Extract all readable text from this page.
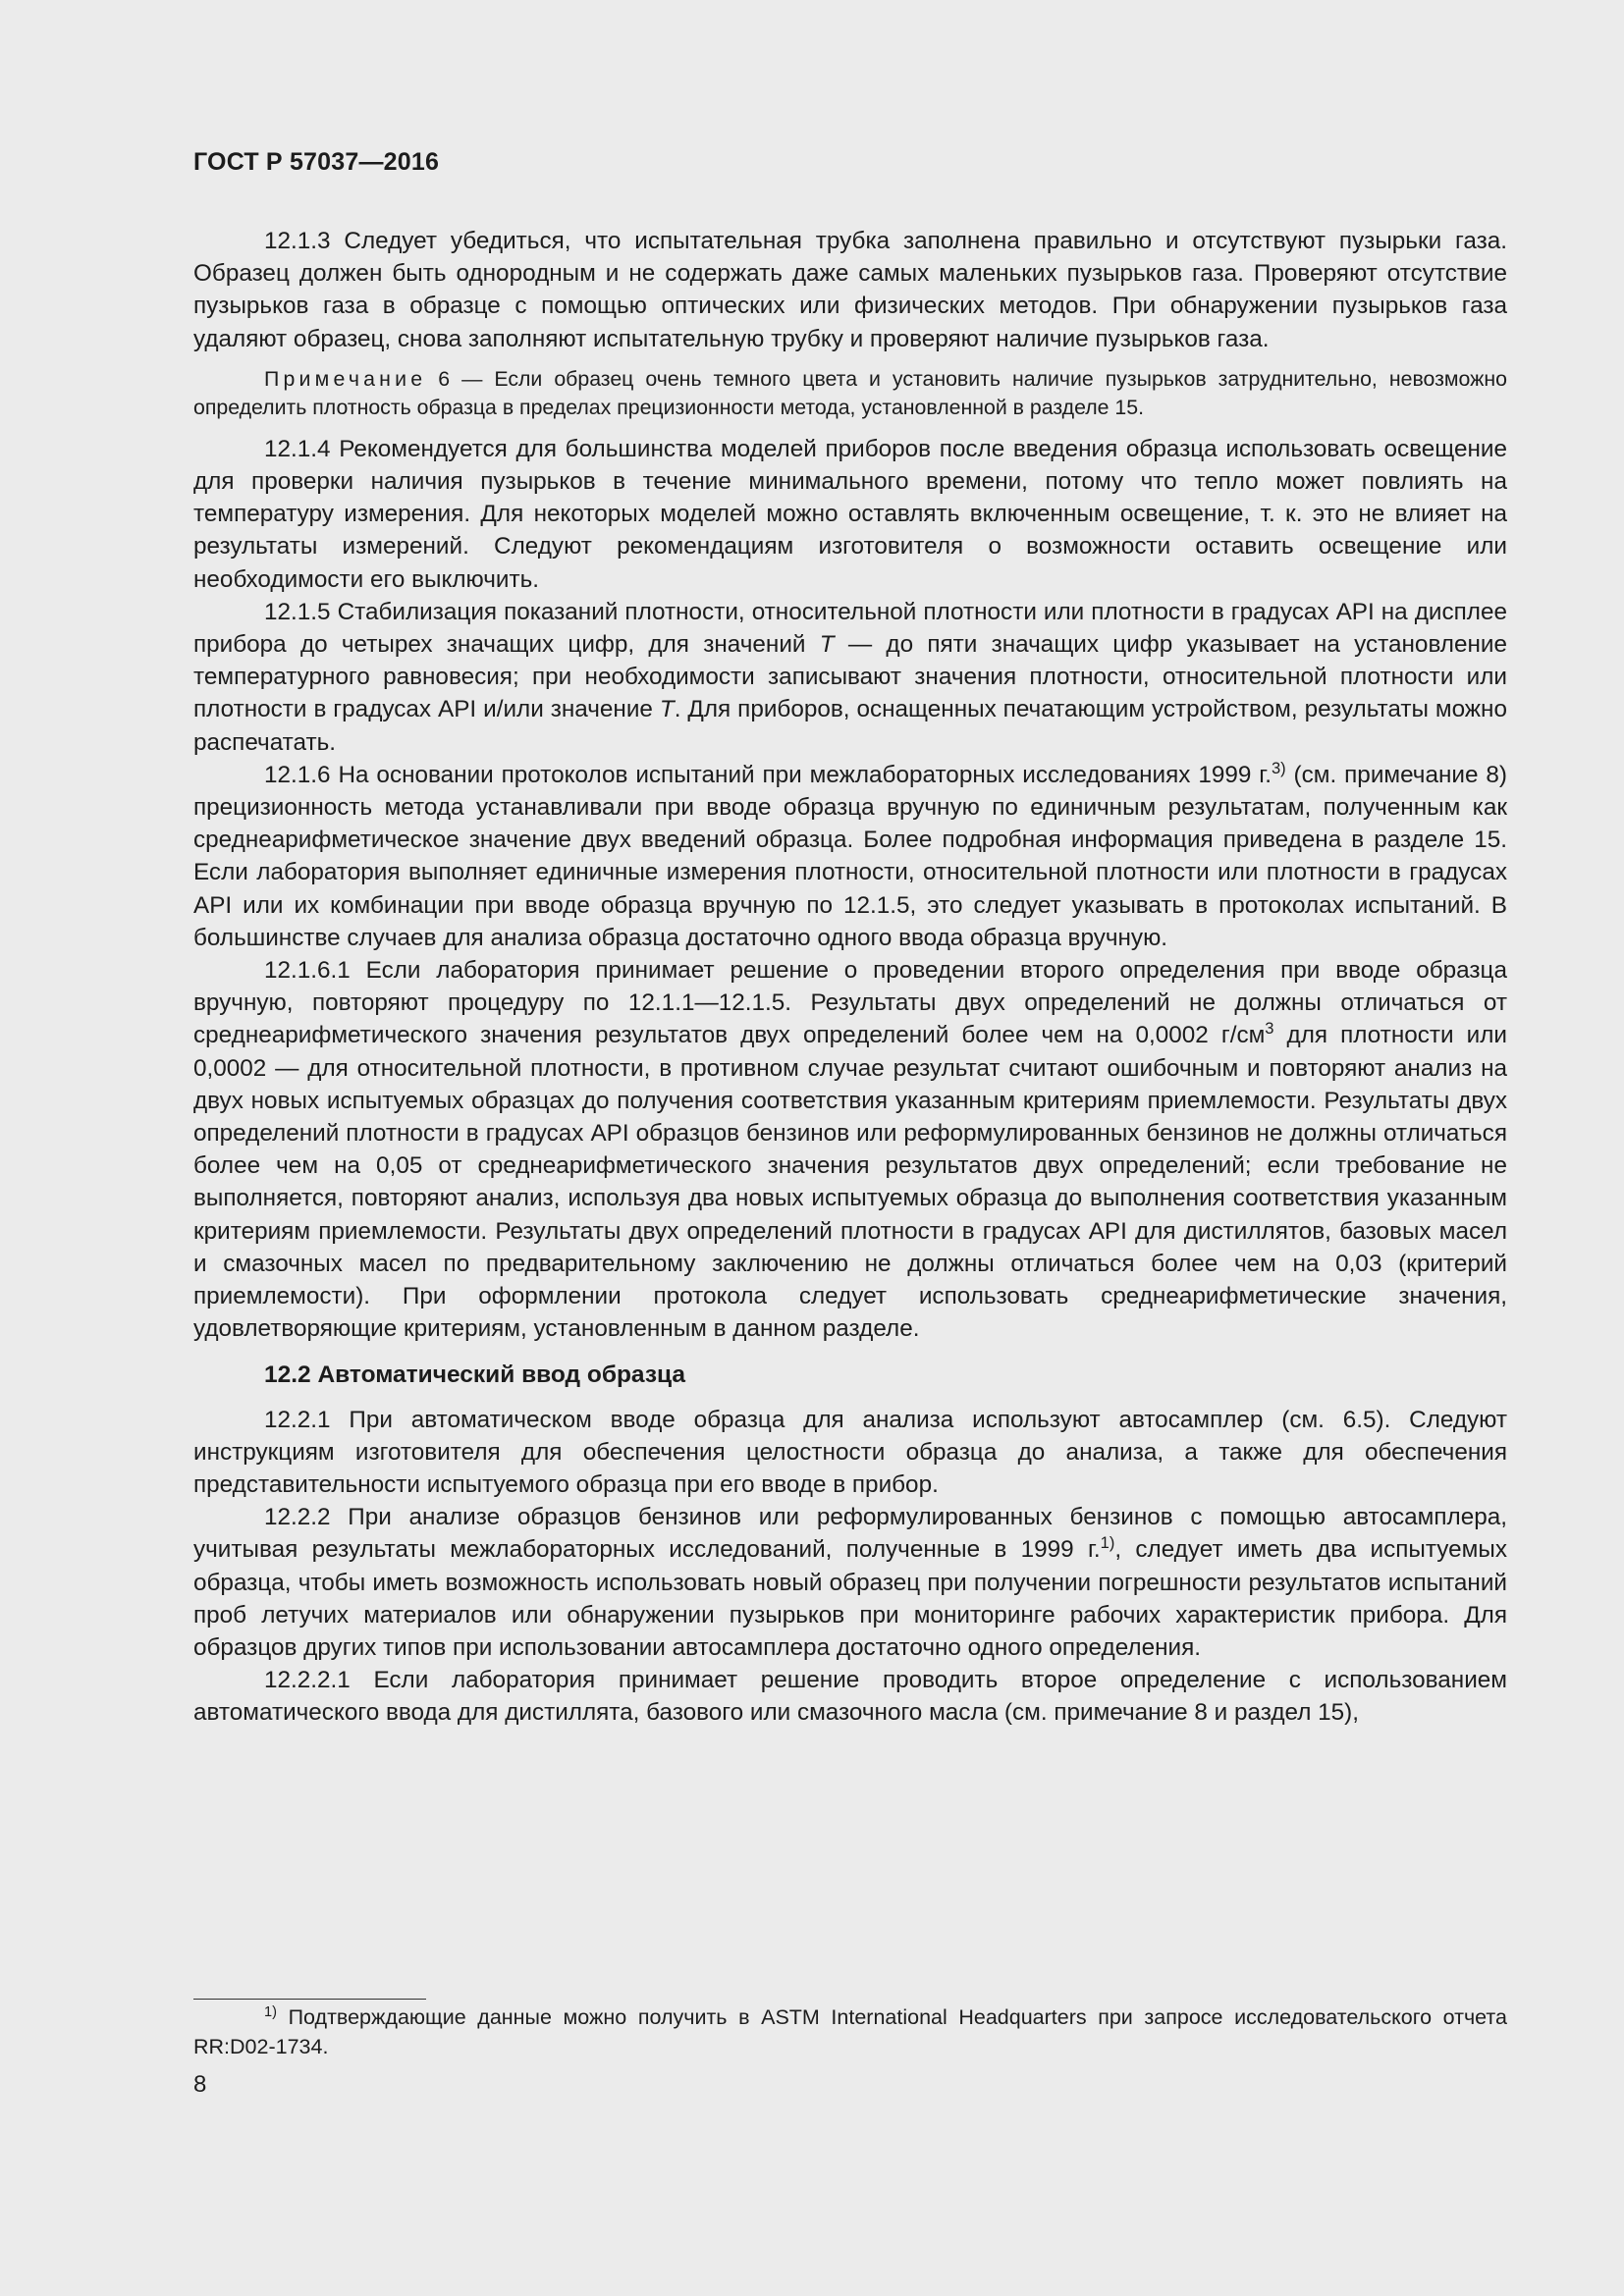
ГОСТ Р 57037—2016

12.1.3 Следует убедиться, что испытательная трубка заполнена правильно и отсутствуют пузырьки газа. Образец должен быть однородным и не содержать даже самых маленьких пузырьков газа. Проверяют отсутствие пузырьков газа в образце с помощью оптических или физических методов. При обнаружении пузырьков газа удаляют образец, снова заполняют испытательную трубку и проверяют наличие пузырьков газа.

Примечание 6 — Если образец очень темного цвета и установить наличие пузырьков затруднительно, невозможно определить плотность образца в пределах прецизионности метода, установленной в разделе 15.

12.1.4 Рекомендуется для большинства моделей приборов после введения образца использовать освещение для проверки наличия пузырьков в течение минимального времени, потому что тепло может повлиять на температуру измерения. Для некоторых моделей можно оставлять включенным освещение, т. к. это не влияет на результаты измерений. Следуют рекомендациям изготовителя о возможности оставить освещение или необходимости его выключить.

12.1.5 Стабилизация показаний плотности, относительной плотности или плотности в градусах API на дисплее прибора до четырех значащих цифр, для значений T — до пяти значащих цифр указывает на установление температурного равновесия; при необходимости записывают значения плотности, относительной плотности или плотности в градусах API и/или значение T. Для приборов, оснащенных печатающим устройством, результаты можно распечатать.

12.1.6 На основании протоколов испытаний при межлабораторных исследованиях 1999 г.$^{3)}$ (см. примечание 8) прецизионность метода устанавливали при вводе образца вручную по единичным результатам, полученным как среднеарифметическое значение двух введений образца. Более подробная информация приведена в разделе 15. Если лаборатория выполняет единичные измерения плотности, относительной плотности или плотности в градусах API или их комбинации при вводе образца вручную по 12.1.5, это следует указывать в протоколах испытаний. В большинстве случаев для анализа образца достаточно одного ввода образца вручную.

12.1.6.1 Если лаборатория принимает решение о проведении второго определения при вводе образца вручную, повторяют процедуру по 12.1.1—12.1.5. Результаты двух определений не должны отличаться от среднеарифметического значения результатов двух определений более чем на 0,0002 $г/см^3$ для плотности или 0,0002 — для относительной плотности, в противном случае результат считают ошибочным и повторяют анализ на двух новых испытуемых образцах до получения соответствия указанным критериям приемлемости. Результаты двух определений плотности в градусах API образцов бензинов или реформулированных бензинов не должны отличаться более чем на 0,05 от среднеарифметического значения результатов двух определений; если требование не выполняется, повторяют анализ, используя два новых испытуемых образца до выполнения соответствия указанным критериям приемлемости. Результаты двух определений плотности в градусах API для дистиллятов, базовых масел и смазочных масел по предварительному заключению не должны отличаться более чем на 0,03 (критерий приемлемости). При оформлении протокола следует использовать среднеарифметические значения, удовлетворяющие критериям, установленным в данном разделе.

12.2 Автоматический ввод образца

12.2.1 При автоматическом вводе образца для анализа используют автосамплер (см. 6.5). Следуют инструкциям изготовителя для обеспечения целостности образца до анализа, а также для обеспечения представительности испытуемого образца при его вводе в прибор.

12.2.2 При анализе образцов бензинов или реформулированных бензинов с помощью автосамплера, учитывая результаты межлабораторных исследований, полученные в 1999 г.$^{1)}$, следует иметь два испытуемых образца, чтобы иметь возможность использовать новый образец при получении погрешности результатов испытаний проб летучих материалов или обнаружении пузырьков при мониторинге рабочих характеристик прибора. Для образцов других типов при использовании автосамплера достаточно одного определения.

12.2.2.1 Если лаборатория принимает решение проводить второе определение с использованием автоматического ввода для дистиллята, базового или смазочного масла (см. примечание 8 и раздел 15),

$^{1)}$ Подтверждающие данные можно получить в ASTM International Headquarters при запросе исследовательского отчета RR:D02-1734.

8
